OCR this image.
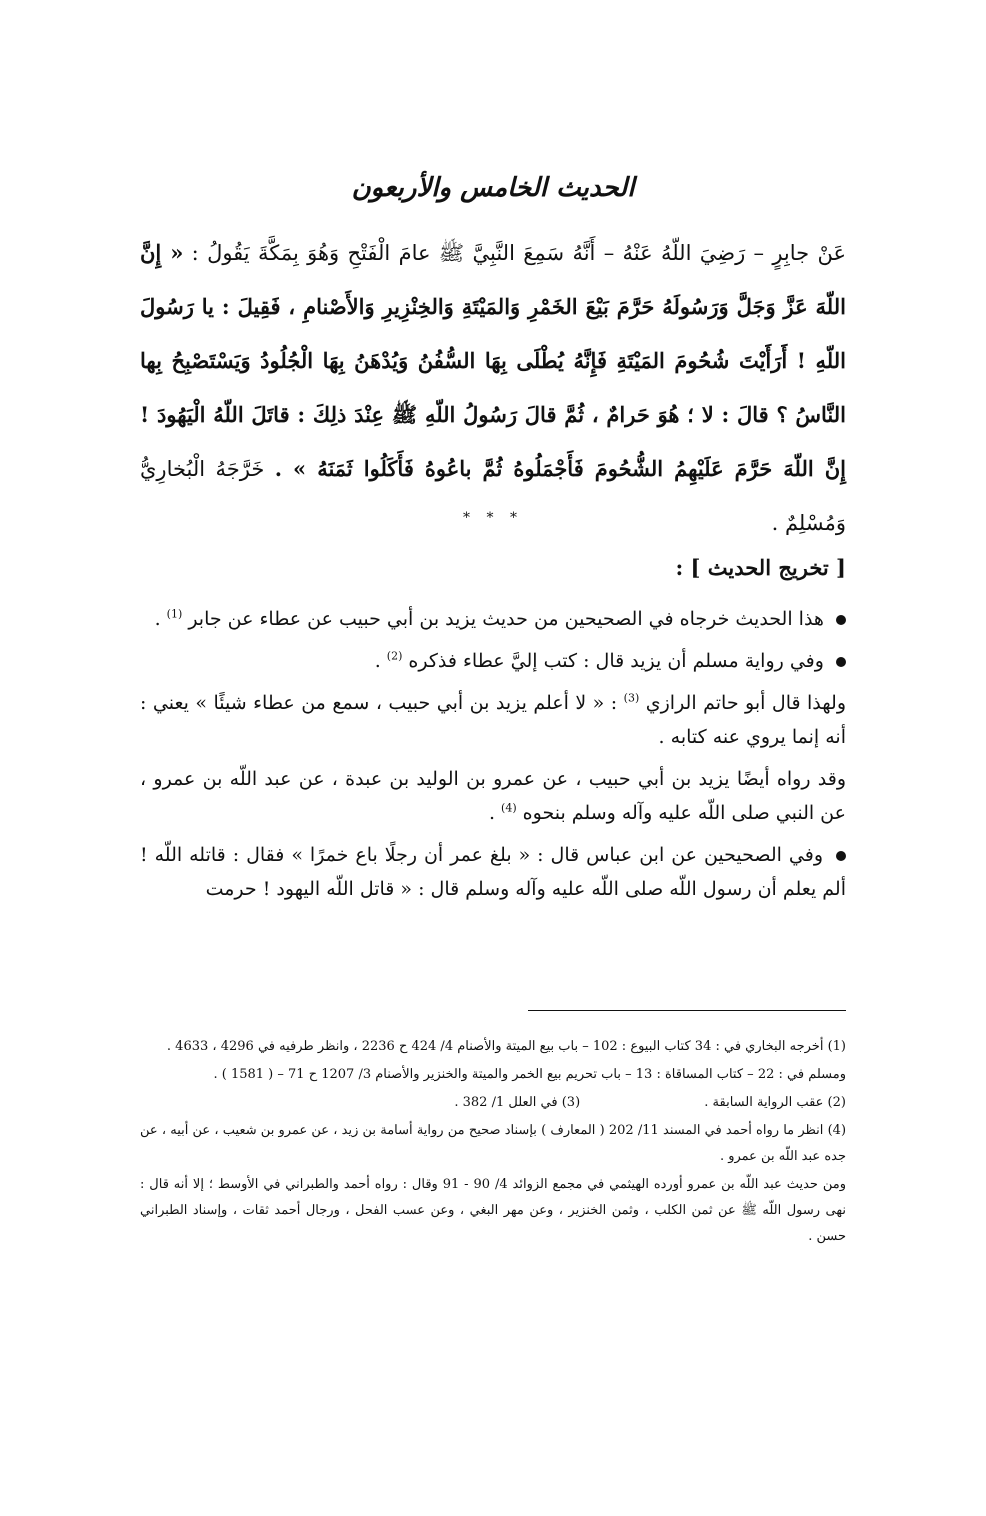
الحديث الخامس والأربعون

عَنْ جابِرٍ – رَضِيَ اللّهُ عَنْهُ – أَنَّهُ سَمِعَ النَّبِيَّ ﷺ عامَ الْفَتْحِ وَهُوَ بِمَكَّةَ يَقُولُ : « إِنَّ اللّهَ عَزَّ وَجَلَّ وَرَسُولَهُ حَرَّمَ بَيْعَ الخَمْرِ وَالمَيْتَةِ وَالخِنْزِيرِ وَالأَصْنامِ ، فَقِيلَ : يا رَسُولَ اللّهِ ! أَرَأَيْتَ شُحُومَ المَيْتَةِ فَإِنَّهُ يُطْلَى بِهَا السُّفُنُ وَيُدْهَنُ بِهَا الْجُلُودُ وَيَسْتَصْبِحُ بِها النَّاسُ ؟ قالَ : لا ؛ هُوَ حَرامٌ ، ثُمَّ قالَ رَسُولُ اللّهِ ﷺ عِنْدَ ذلِكَ : قاتَلَ اللّهُ الْيَهُودَ ! إِنَّ اللّهَ حَرَّمَ عَلَيْهِمُ الشُّحُومَ فَأَجْمَلُوهُ ثُمَّ باعُوهُ فَأَكَلُوا ثَمَنَهُ » . خَرَّجَهُ الْبُخارِيُّ وَمُسْلِمٌ .

* * *
[ تخريج الحديث ] :

هذا الحديث خرجاه في الصحيحين من حديث يزيد بن أبي حبيب عن عطاء عن جابر $^{(1)}$ .

وفي رواية مسلم أن يزيد قال : كتب إليَّ عطاء فذكره $^{(2)}$ .

ولهذا قال أبو حاتم الرازي $^{(3)}$ : « لا أعلم يزيد بن أبي حبيب ، سمع من عطاء شيئًا » يعني : أنه إنما يروي عنه كتابه .

وقد رواه أيضًا يزيد بن أبي حبيب ، عن عمرو بن الوليد بن عبدة ، عن عبد اللّه بن عمرو ، عن النبي صلى اللّه عليه وآله وسلم بنحوه $^{(4)}$ .

وفي الصحيحين عن ابن عباس قال : « بلغ عمر أن رجلًا باع خمرًا » فقال : قاتله اللّه ! ألم يعلم أن رسول اللّه صلى اللّه عليه وآله وسلم قال : « قاتل اللّه اليهود ! حرمت

(1) أخرجه البخاري في : 34 كتاب البيوع : 102 – باب بيع الميتة والأصنام 4/ 424 ح 2236 ، وانظر طرفيه في 4296 ، 4633 .

ومسلم في : 22 – كتاب المساقاة : 13 – باب تحريم بيع الخمر والميتة والخنزير والأصنام 3/ 1207 ح 71 – ( 1581 ) .

(2) عقب الرواية السابقة . (3) في العلل 1/ 382 .

(4) انظر ما رواه أحمد في المسند 11/ 202 ( المعارف ) بإسناد صحيح من رواية أسامة بن زيد ، عن عمرو بن شعيب ، عن أبيه ، عن جده عبد اللّه بن عمرو .

ومن حديث عبد اللّه بن عمرو أورده الهيثمي في مجمع الزوائد 4/ 90 - 91 وقال : رواه أحمد والطبراني في الأوسط ؛ إلا أنه قال : نهى رسول اللّه ﷺ عن ثمن الكلب ، وثمن الخنزير ، وعن مهر البغي ، وعن عسب الفحل ، ورجال أحمد ثقات ، وإسناد الطبراني حسن .
